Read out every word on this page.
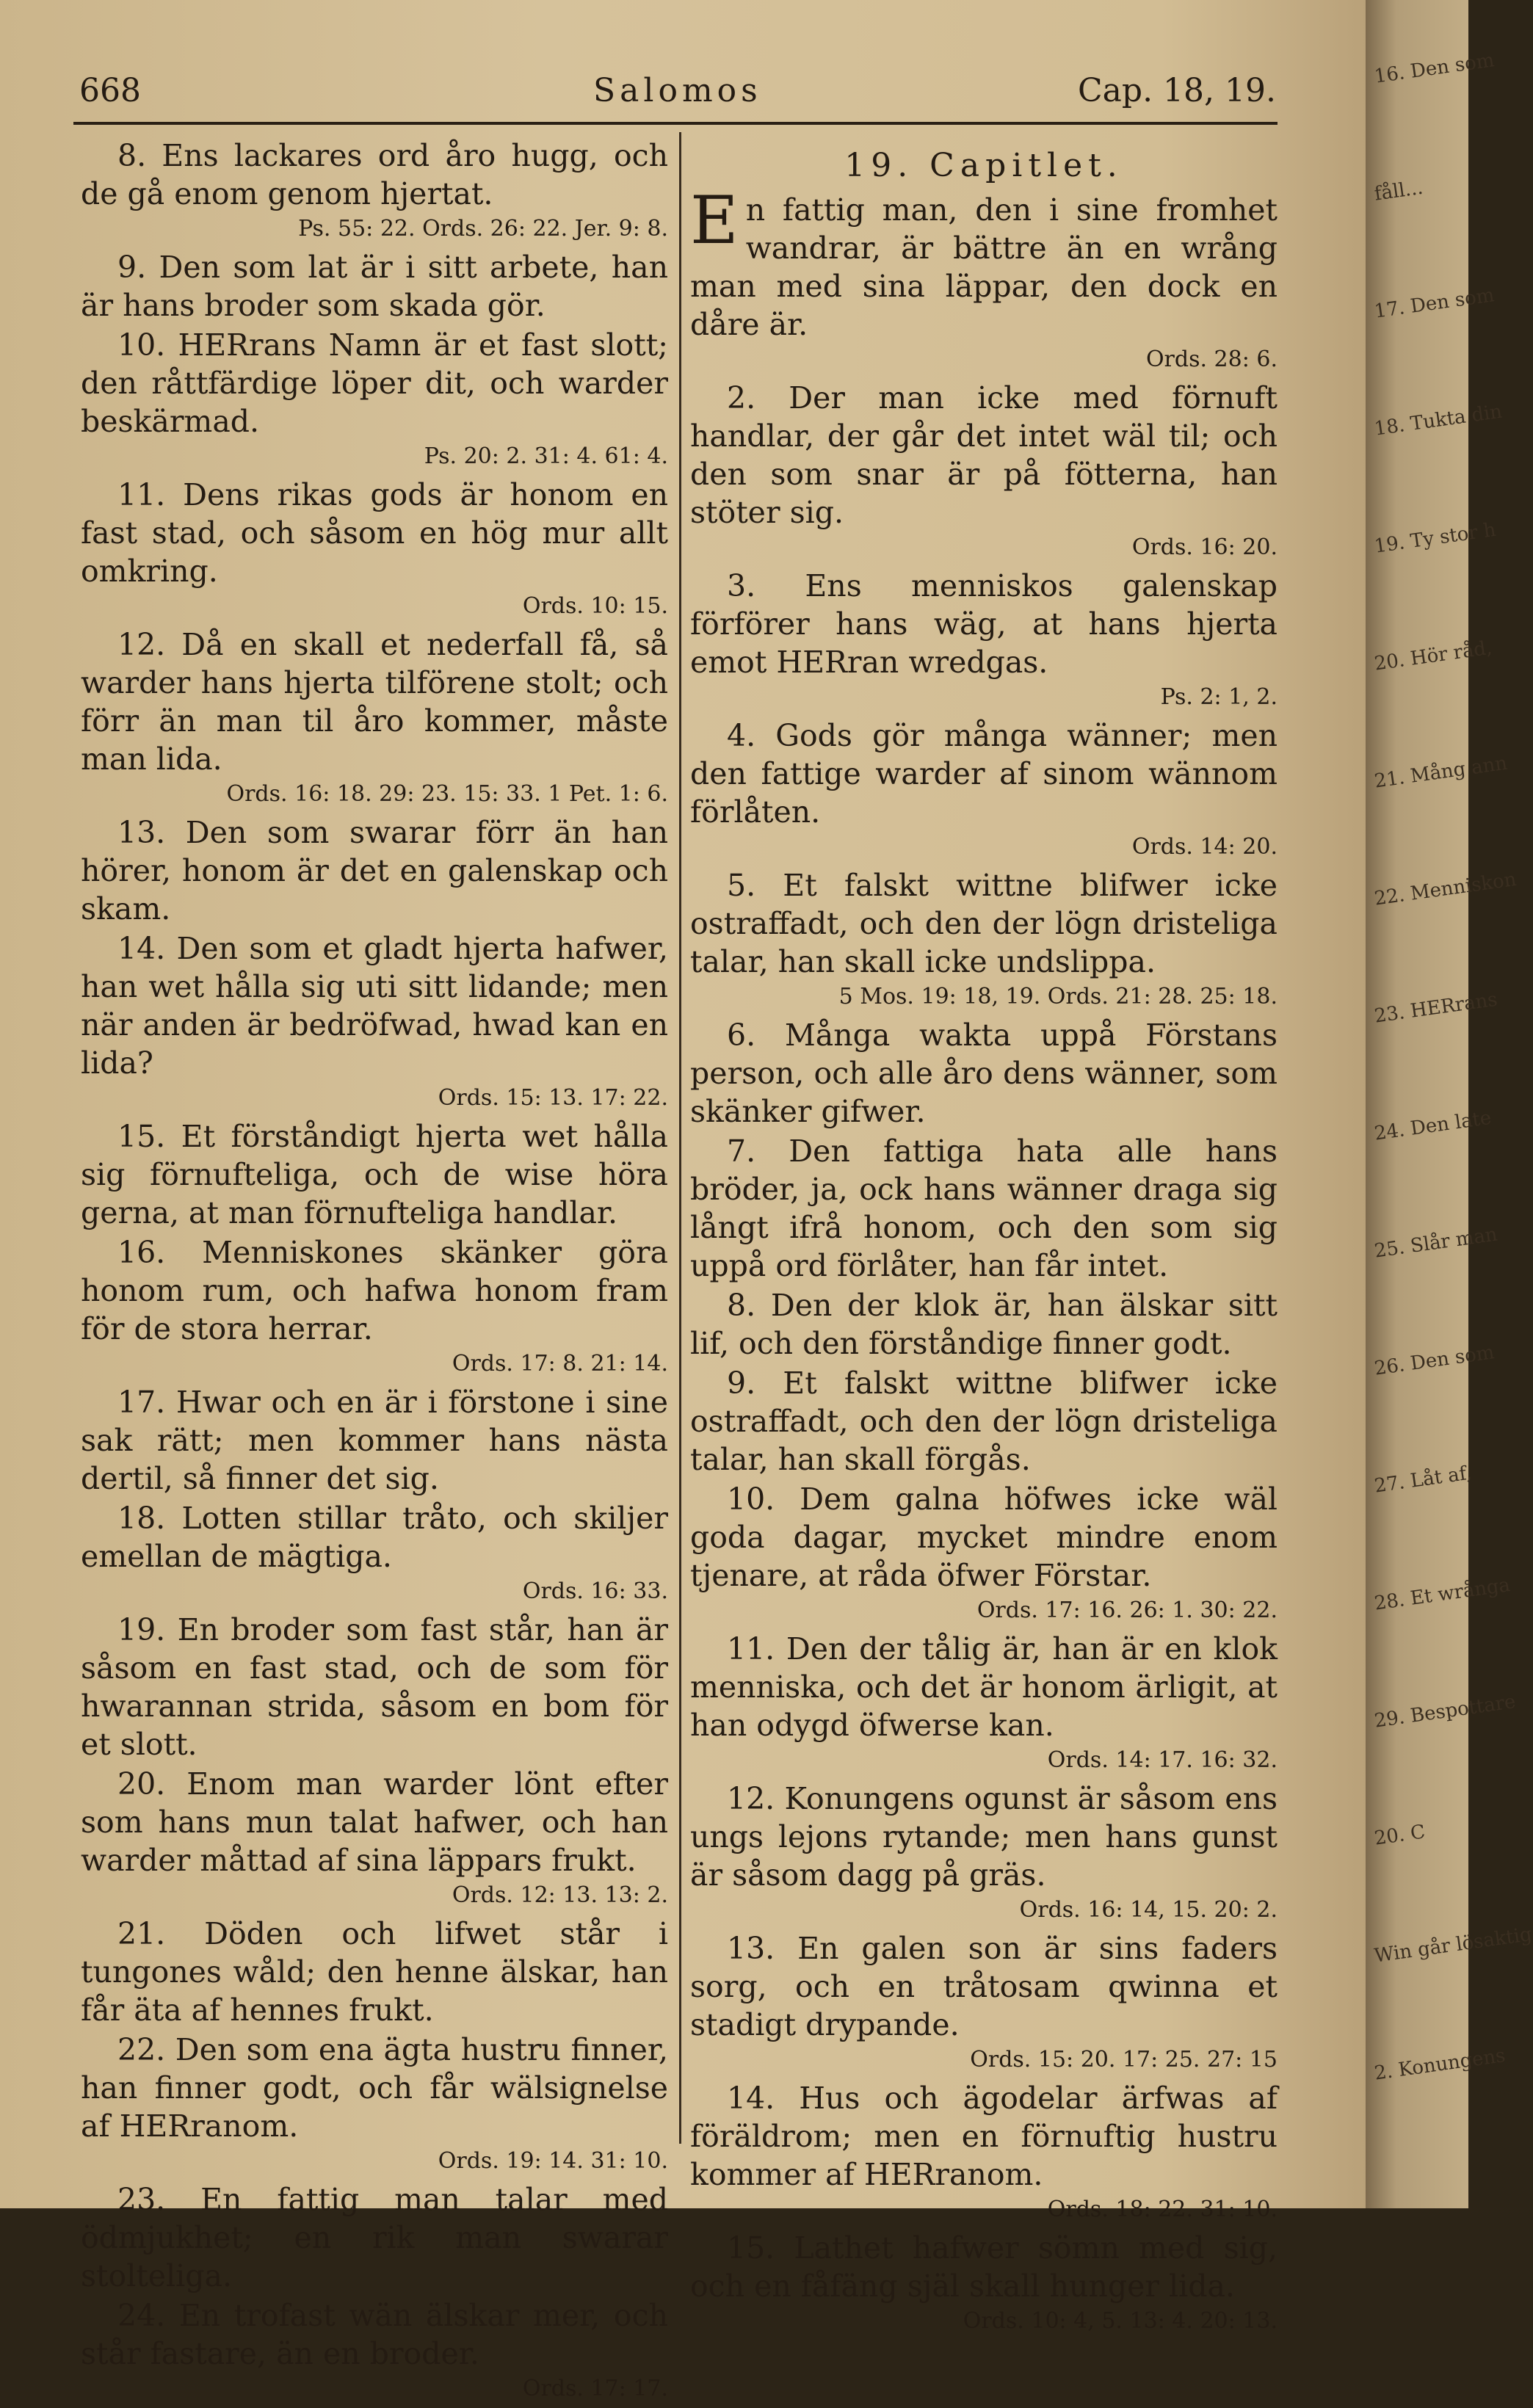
668	Salomos	Cap. 18, 19.

8. Ens lackares ord åro hugg, och de gå enom genom hjertat.

Ps. 55: 22. Ords. 26: 22. Jer. 9: 8.

9. Den som lat är i sitt arbete, han är hans broder som skada gör.

10. HERrans Namn är et fast slott; den råttfärdige löper dit, och warder beskärmad.

Ps. 20: 2. 31: 4. 61: 4.

11. Dens rikas gods är honom en fast stad, och såsom en hög mur allt omkring.

Ords. 10: 15.

12. Då en skall et nederfall få, så warder hans hjerta tilförene stolt; och förr än man til åro kommer, måste man lida.

Ords. 16: 18. 29: 23. 15: 33. 1 Pet. 1: 6.

13. Den som swarar förr än han hörer, honom är det en galenskap och skam.

14. Den som et gladt hjerta hafwer, han wet hålla sig uti sitt lidande; men när anden är bedröfwad, hwad kan en lida?

Ords. 15: 13. 17: 22.

15. Et förståndigt hjerta wet hålla sig förnufteliga, och de wise höra gerna, at man förnufteliga handlar.

16. Menniskones skänker göra honom rum, och hafwa honom fram för de stora herrar.

Ords. 17: 8. 21: 14.

17. Hwar och en är i förstone i sine sak rätt; men kommer hans nästa dertil, så finner det sig.

18. Lotten stillar tråto, och skiljer emellan de mägtiga.

Ords. 16: 33.

19. En broder som fast står, han är såsom en fast stad, och de som för hwarannan strida, såsom en bom för et slott.

20. Enom man warder lönt efter som hans mun talat hafwer, och han warder måttad af sina läppars frukt.

Ords. 12: 13. 13: 2.

21. Döden och lifwet står i tungones wåld; den henne älskar, han får äta af hennes frukt.

22. Den som ena ägta hustru finner, han finner godt, och får wälsignelse af HERranom.

Ords. 19: 14. 31: 10.

23. En fattig man talar med ödmjukhet; en rik man swarar stolteliga.

24. En trofast wän älskar mer, och står fastare, än en broder.

Ords. 17: 17.

19. Capitlet.

En fattig man, den i sine fromhet wandrar, är bättre än en wrång man med sina läppar, den dock en dåre är.

Ords. 28: 6.

2. Der man icke med förnuft handlar, der går det intet wäl til; och den som snar är på fötterna, han stöter sig.

Ords. 16: 20.

3. Ens menniskos galenskap förförer hans wäg, at hans hjerta emot HERran wredgas.

Ps. 2: 1, 2.

4. Gods gör många wänner; men den fattige warder af sinom wännom förlåten.

Ords. 14: 20.

5. Et falskt wittne blifwer icke ostraffadt, och den der lögn dristeliga talar, han skall icke undslippa.

5 Mos. 19: 18, 19. Ords. 21: 28. 25: 18.

6. Många wakta uppå Förstans person, och alle åro dens wänner, som skänker gifwer.

7. Den fattiga hata alle hans bröder, ja, ock hans wänner draga sig långt ifrå honom, och den som sig uppå ord förlåter, han får intet.

8. Den der klok är, han älskar sitt lif, och den förståndige finner godt.

9. Et falskt wittne blifwer icke ostraffadt, och den der lögn dristeliga talar, han skall förgås.

10. Dem galna höfwes icke wäl goda dagar, mycket mindre enom tjenare, at råda öfwer Förstar.

Ords. 17: 16. 26: 1. 30: 22.

11. Den der tålig är, han är en klok menniska, och det är honom ärligit, at han odygd öfwerse kan.

Ords. 14: 17. 16: 32.

12. Konungens ogunst är såsom ens ungs lejons rytande; men hans gunst är såsom dagg på gräs.

Ords. 16: 14, 15. 20: 2.

13. En galen son är sins faders sorg, och en tråtosam qwinna et stadigt drypande.

Ords. 15: 20. 17: 25. 27: 15

14. Hus och ägodelar ärfwas af föräldrom; men en förnuftig hustru kommer af HERranom.

Ords. 18: 22. 31: 10.

15. Lathet hafwer sömn med sig, och en fåfäng själ skall hunger lida.

Ords. 10: 4, 5. 13: 4. 20: 13.

16. Den som
fåll...
17. Den som
18. Tukta din
19. Ty stor h
20. Hör råd,
21. Mång ann
22. Menniskon
23. HERrans
24. Den late
25. Slår man
26. Den som
27. Låt af,
28. Et wrånga
29. Bespottare
20. C
Win går lösaktig
2. Konungens
